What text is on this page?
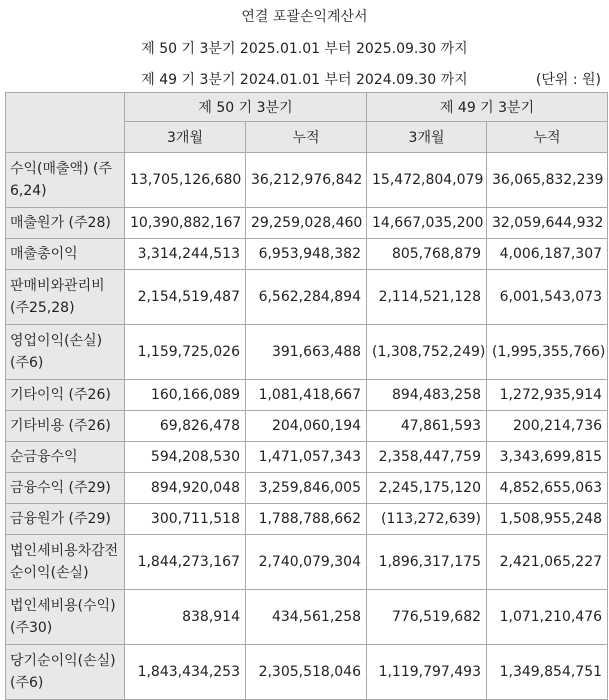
연결 포괄손익계산서
제 50 기 3분기 2025.01.01 부터 2025.09.30 까지
제 49 기 3분기 2024.01.01 부터 2024.09.30 까지	(단위 : 원)
	제 50 기 3분기		제 49 기 3분기	
	3개월	누적	3개월	누적
수익(매출액) (주6,24)	13,705,126,680	36,212,976,842	15,472,804,079	36,065,832,239
매출원가 (주28)	10,390,882,167	29,259,028,460	14,667,035,200	32,059,644,932
매출총이익	3,314,244,513	6,953,948,382	805,768,879	4,006,187,307
판매비와관리비 (주25,28)	2,154,519,487	6,562,284,894	2,114,521,128	6,001,543,073
영업이익(손실) (주6)	1,159,725,026	391,663,488	(1,308,752,249)	(1,995,355,766)
기타이익 (주26)	160,166,089	1,081,418,667	894,483,258	1,272,935,914
기타비용 (주26)	69,826,478	204,060,194	47,861,593	200,214,736
순금융수익	594,208,530	1,471,057,343	2,358,447,759	3,343,699,815
금융수익 (주29)	894,920,048	3,259,846,005	2,245,175,120	4,852,655,063
금융원가 (주29)	300,711,518	1,788,788,662	(113,272,639)	1,508,955,248
법인세비용차감전순이익(손실)	1,844,273,167	2,740,079,304	1,896,317,175	2,421,065,227
법인세비용(수익) (주30)	838,914	434,561,258	776,519,682	1,071,210,476
당기순이익(손실) (주6)	1,843,434,253	2,305,518,046	1,119,797,493	1,349,854,751
